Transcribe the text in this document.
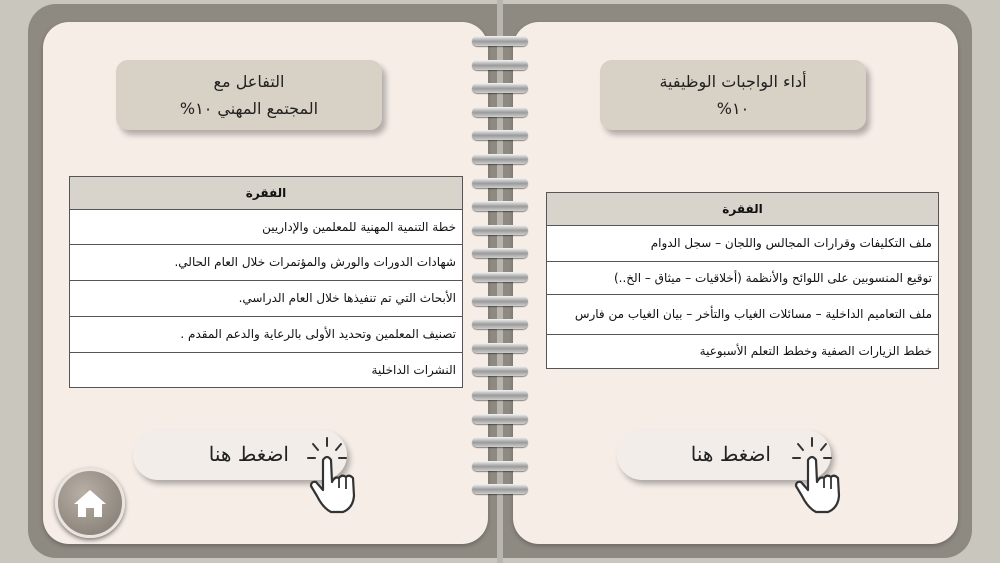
التفاعل مع
المجتمع المهني ١٠%
الفقرة
خطة التنمية المهنية للمعلمين والإداريين
شهادات الدورات والورش والمؤتمرات خلال العام الحالي.
الأبحاث التي تم تنفيذها خلال العام الدراسي.
تصنيف المعلمين وتحديد الأولى بالرعاية والدعم المقدم .
النشرات الداخلية
اضغط هنا
أداء الواجبات الوظيفية
١٠%
الفقرة
ملف التكليفات وقرارات المجالس واللجان – سجل الدوام
توقيع المنسوبين على اللوائح والأنظمة (أخلاقيات – ميثاق – الخ..)
ملف التعاميم الداخلية – مسائلات الغياب والتأخر – بيان الغياب من فارس
خطط الزيارات الصفية وخطط التعلم الأسبوعية
اضغط هنا
